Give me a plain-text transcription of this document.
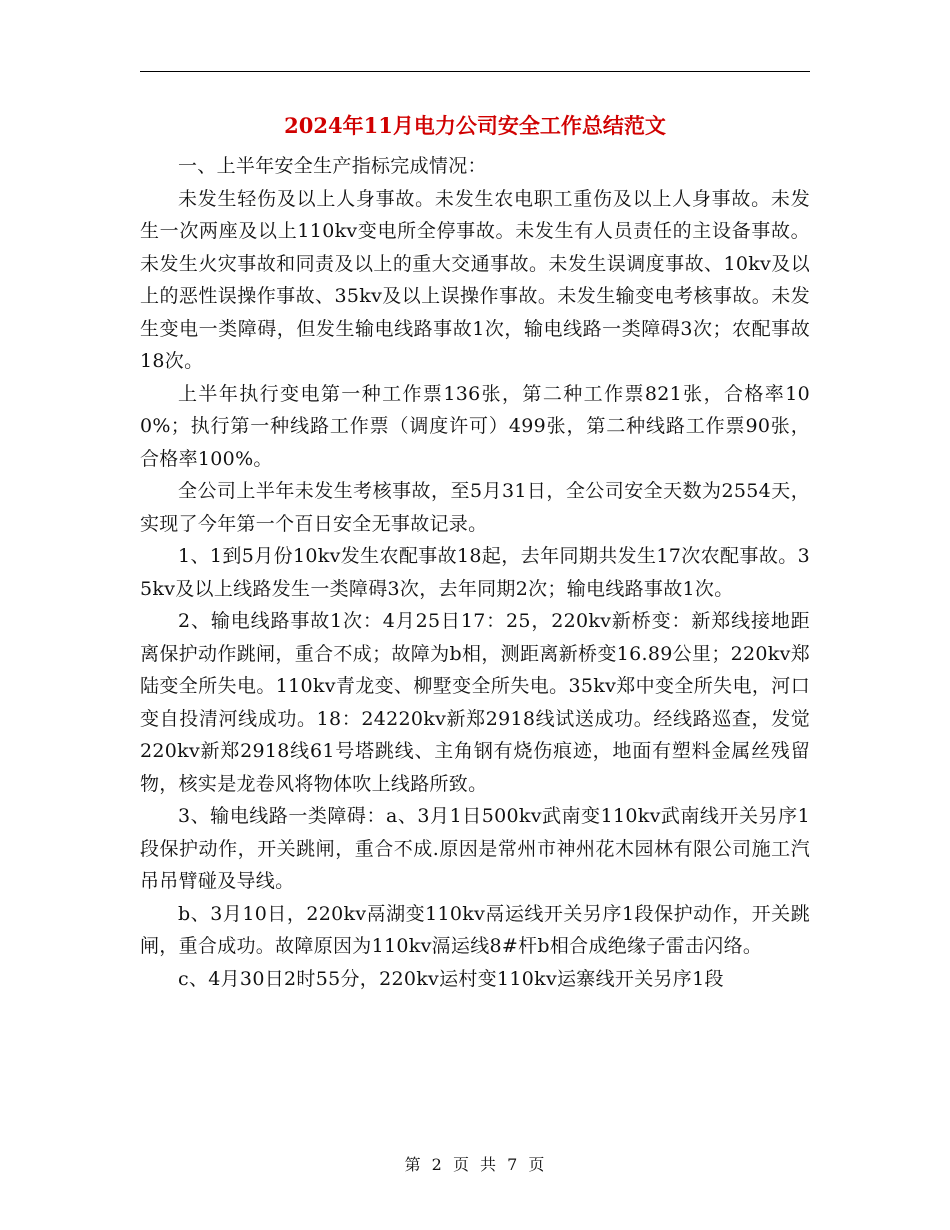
2024年11月电力公司安全工作总结范文

一、上半年安全生产指标完成情况：

未发生轻伤及以上人身事故。未发生农电职工重伤及以上人身事故。未发生一次两座及以上110kv变电所全停事故。未发生有人员责任的主设备事故。未发生火灾事故和同责及以上的重大交通事故。未发生误调度事故、10kv及以上的恶性误操作事故、35kv及以上误操作事故。未发生输变电考核事故。未发生变电一类障碍，但发生输电线路事故1次，输电线路一类障碍3次；农配事故18次。

上半年执行变电第一种工作票136张，第二种工作票821张，合格率100%；执行第一种线路工作票（调度许可）499张，第二种线路工作票90张，合格率100%。

全公司上半年未发生考核事故，至5月31日，全公司安全天数为2554天，实现了今年第一个百日安全无事故记录。

1、1到5月份10kv发生农配事故18起，去年同期共发生17次农配事故。35kv及以上线路发生一类障碍3次，去年同期2次；输电线路事故1次。

2、输电线路事故1次：4月25日17：25，220kv新桥变：新郑线接地距离保护动作跳闸，重合不成；故障为b相，测距离新桥变16.89公里；220kv郑陆变全所失电。110kv青龙变、柳墅变全所失电。35kv郑中变全所失电，河口变自投清河线成功。18：24220kv新郑2918线试送成功。经线路巡查，发觉220kv新郑2918线61号塔跳线、主角钢有烧伤痕迹，地面有塑料金属丝残留物，核实是龙卷风将物体吹上线路所致。

3、输电线路一类障碍：a、3月1日500kv武南变110kv武南线开关另序1段保护动作，开关跳闸，重合不成.原因是常州市神州花木园林有限公司施工汽吊吊臂碰及导线。

b、3月10日，220kv鬲湖变110kv鬲运线开关另序1段保护动作，开关跳闸，重合成功。故障原因为110kv滆运线8#杆b相合成绝缘子雷击闪络。

c、4月30日2时55分，220kv运村变110kv运寨线开关另序1段

第 2 页 共 7 页
